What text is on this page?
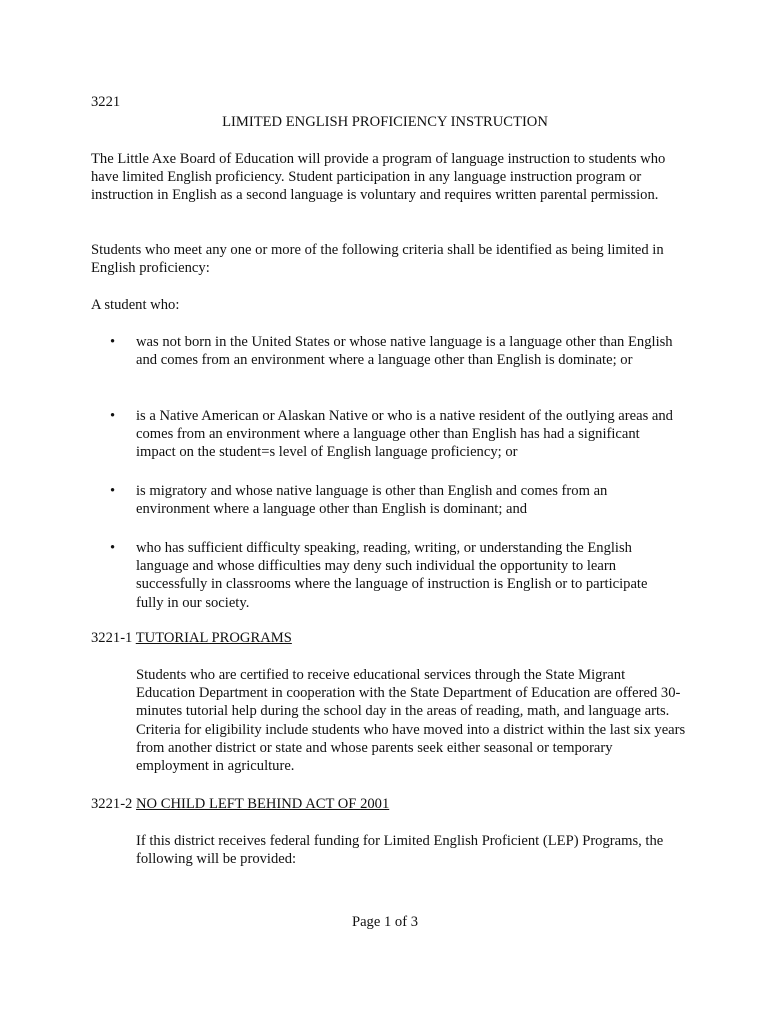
3221

LIMITED ENGLISH PROFICIENCY INSTRUCTION

The Little Axe Board of Education will provide a program of language instruction to students who have limited English proficiency. Student participation in any language instruction program or instruction in English as a second language is voluntary and requires written parental permission.

Students who meet any one or more of the following criteria shall be identified as being limited in English proficiency:

A student who:

•	was not born in the United States or whose native language is a language other than English and comes from an environment where a language other than English is dominate; or
•	is a Native American or Alaskan Native or who is a native resident of the outlying areas and comes from an environment where a language other than English has had a significant impact on the student=s level of English language proficiency; or
•	is migratory and whose native language is other than English and comes from an environment where a language other than English is dominant; and
•	who has sufficient difficulty speaking, reading, writing, or understanding the English language and whose difficulties may deny such individual the opportunity to learn successfully in classrooms where the language of instruction is English or to participate fully in our society.

3221-1 TUTORIAL PROGRAMS

Students who are certified to receive educational services through the State Migrant Education Department in cooperation with the State Department of Education are offered 30-minutes tutorial help during the school day in the areas of reading, math, and language arts. Criteria for eligibility include students who have moved into a district within the last six years from another district or state and whose parents seek either seasonal or temporary employment in agriculture.

3221-2 NO CHILD LEFT BEHIND ACT OF 2001

If this district receives federal funding for Limited English Proficient (LEP) Programs, the following will be provided:

Page 1 of 3
